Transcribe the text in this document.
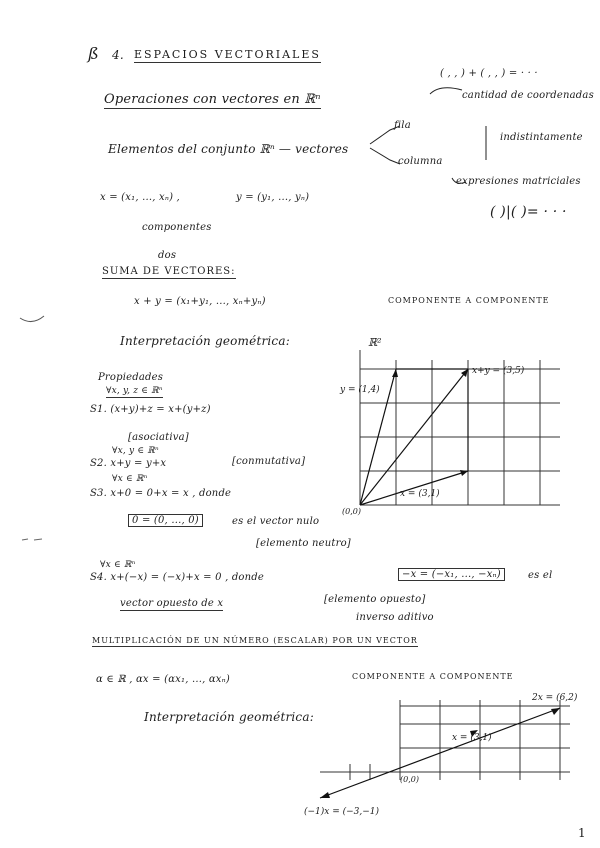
ß 4. ESPACIOS VECTORIALES
( , , ) + ( , , ) = · · ·
Operaciones con vectores en ℝⁿ	cantidad de coordenadas
Elementos del conjunto ℝⁿ — vectores
fila
columna
indistintamente
expresiones matriciales
( )|( )= · · ·
x = (x₁, ..., xₙ) ,	y = (y₁, ..., yₙ)
componentes
dos
SUMA DE VECTORES:
x + y = (x₁+y₁, ..., xₙ+yₙ)	COMPONENTE A COMPONENTE
Interpretación geométrica:
Propiedades
∀x, y, z ∈ ℝⁿ
S1. (x+y)+z = x+(y+z)
[asociativa]
∀x, y ∈ ℝⁿ
S2. x+y = y+x	[conmutativa]
∀x ∈ ℝⁿ
S3. x+0 = 0+x = x , donde
0 = (0, ..., 0)	es el vector nulo
[elemento neutro]
∀x ∈ ℝⁿ
S4. x+(−x) = (−x)+x = 0 , donde	−x = (−x₁, ..., −xₙ)	es el
vector opuesto de x	[elemento opuesto]
inverso aditivo
MULTIPLICACIÓN DE UN NÚMERO (ESCALAR) POR UN VECTOR
α ∈ ℝ , αx = (αx₁, ..., αxₙ)	COMPONENTE A COMPONENTE
Interpretación geométrica:
ℝ²
x+y = (3,5)
y = (1,4)
x = (3,1)
(0,0)
2x = (6,2)
x = (3,1)
(0,0)
(−1)x = (−3,−1)
1
